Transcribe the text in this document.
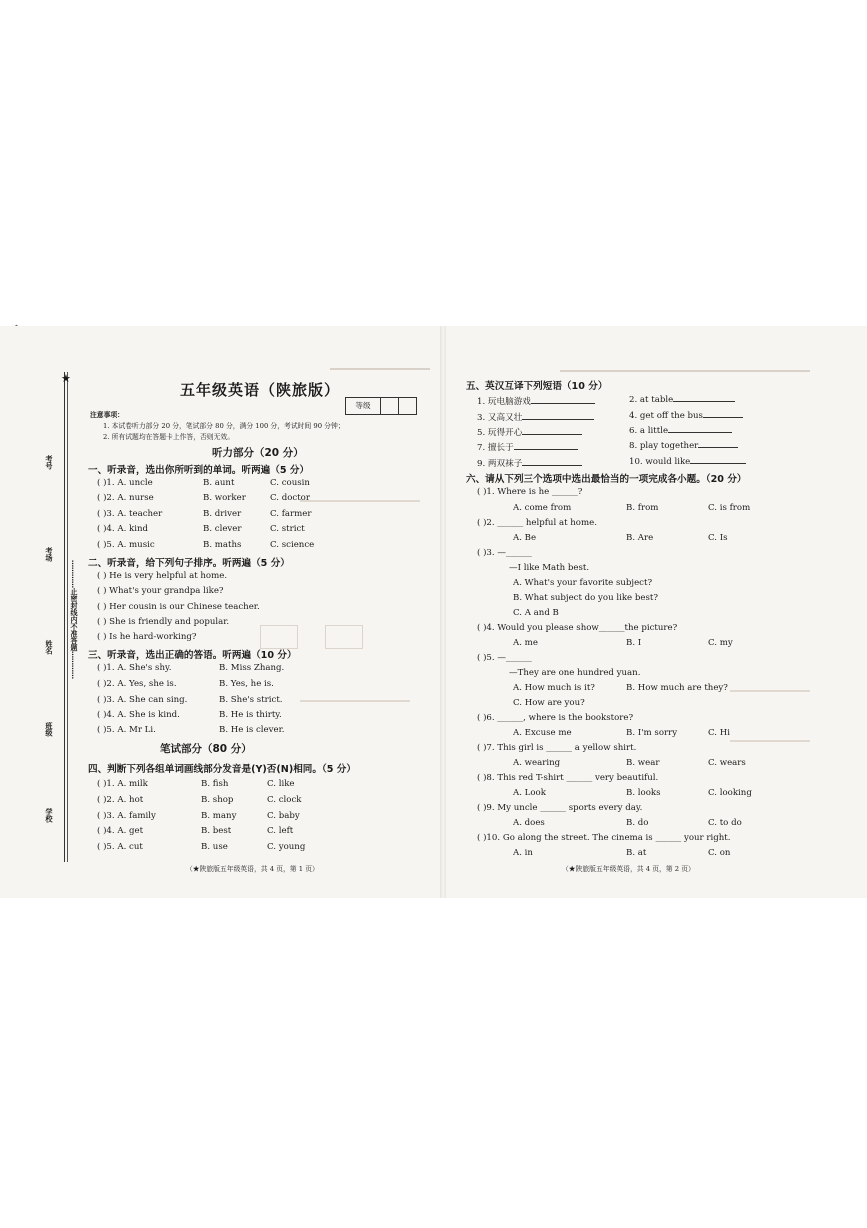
★
考号
考场
姓名
班级
学校
…………止密封线内不准答题…………
五年级英语（陕旅版）
等级
注意事项：
1. 本试卷听力部分 20 分，笔试部分 80 分，满分 100 分，考试时间 90 分钟；
2. 所有试题均在答题卡上作答，否则无效。
听力部分（20 分）
一、听录音，选出你所听到的单词。听两遍（5 分）
( )1. A. uncle	B. aunt	C. cousin
( )2. A. nurse	B. worker	C. doctor
( )3. A. teacher	B. driver	C. farmer
( )4. A. kind	B. clever	C. strict
( )5. A. music	B. maths	C. science
二、听录音，给下列句子排序。听两遍（5 分）
( ) He is very helpful at home.
( ) What's your grandpa like?
( ) Her cousin is our Chinese teacher.
( ) She is friendly and popular.
( ) Is he hard-working?
三、听录音，选出正确的答语。听两遍（10 分）
( )1. A. She's shy.	B. Miss Zhang.
( )2. A. Yes, she is.	B. Yes, he is.
( )3. A. She can sing.	B. She's strict.
( )4. A. She is kind.	B. He is thirty.
( )5. A. Mr Li.	B. He is clever.
笔试部分（80 分）
四、判断下列各组单词画线部分发音是(Y)否(N)相同。（5 分）
( )1. A. milk	B. fish	C. like
( )2. A. hot	B. shop	C. clock
( )3. A. family	B. many	C. baby
( )4. A. get	B. best	C. left
( )5. A. cut	B. use	C. young
（★陕旅版五年级英语，共 4 页，第 1 页）
五、英汉互译下列短语（10 分）
1. 玩电脑游戏	2. at table
3. 又高又壮	4. get off the bus
5. 玩得开心	6. a little
7. 擅长于	8. play together
9. 两双袜子	10. would like
六、请从下列三个选项中选出最恰当的一项完成各小题。（20 分）
( )1. Where is he ______?
A. come from	B. from	C. is from
( )2. ______ helpful at home.
A. Be	B. Are	C. Is
( )3. —______
—I like Math best.
A. What's your favorite subject?
B. What subject do you like best?
C. A and B
( )4. Would you please show______the picture?
A. me	B. I	C. my
( )5. —______
—They are one hundred yuan.
A. How much is it?	B. How much are they?
C. How are you?
( )6. ______, where is the bookstore?
A. Excuse me	B. I'm sorry	C. Hi
( )7. This girl is ______ a yellow shirt.
A. wearing	B. wear	C. wears
( )8. This red T-shirt ______ very beautiful.
A. Look	B. looks	C. looking
( )9. My uncle ______ sports every day.
A. does	B. do	C. to do
( )10. Go along the street. The cinema is ______ your right.
A. in	B. at	C. on
（★陕旅版五年级英语，共 4 页，第 2 页）
